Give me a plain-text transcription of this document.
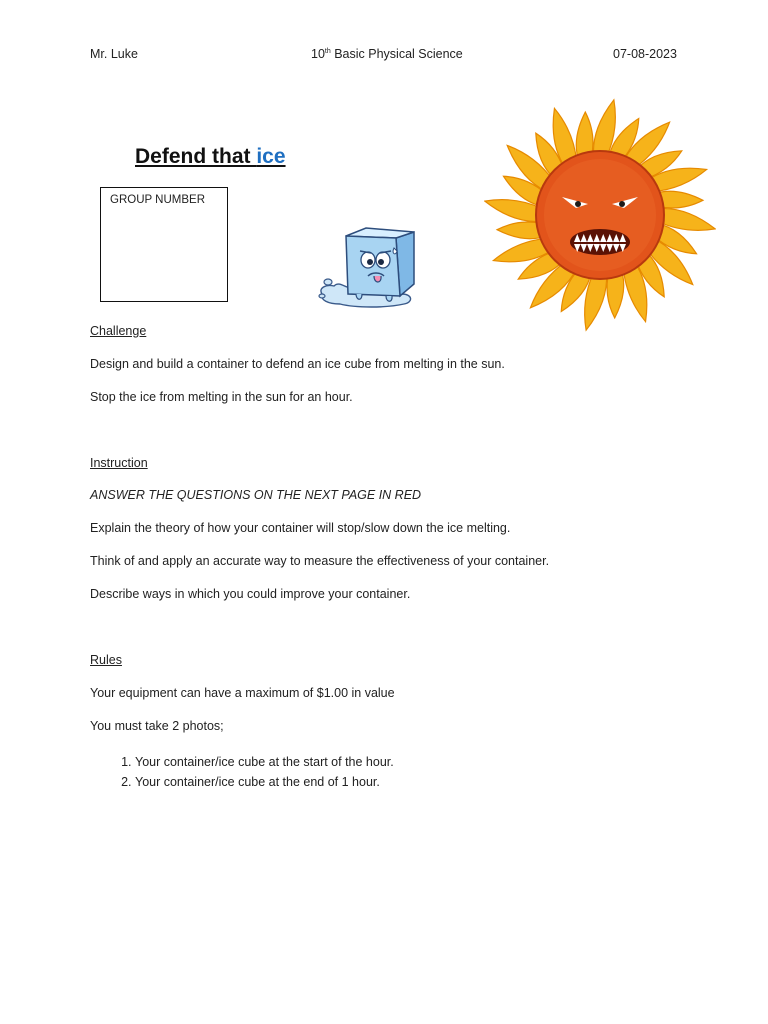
Mr. Luke	10th Basic Physical Science	07-08-2023
Defend that ice
GROUP NUMBER
Challenge
Design and build a container to defend an ice cube from melting in the sun.
Stop the ice from melting in the sun for an hour.
Instruction
ANSWER THE QUESTIONS ON THE NEXT PAGE IN RED
Explain the theory of how your container will stop/slow down the ice melting.
Think of and apply an accurate way to measure the effectiveness of your container.
Describe ways in which you could improve your container.
Rules
Your equipment can have a maximum of $1.00 in value
You must take 2 photos;
1. Your container/ice cube at the start of the hour.
2. Your container/ice cube at the end of 1 hour.
